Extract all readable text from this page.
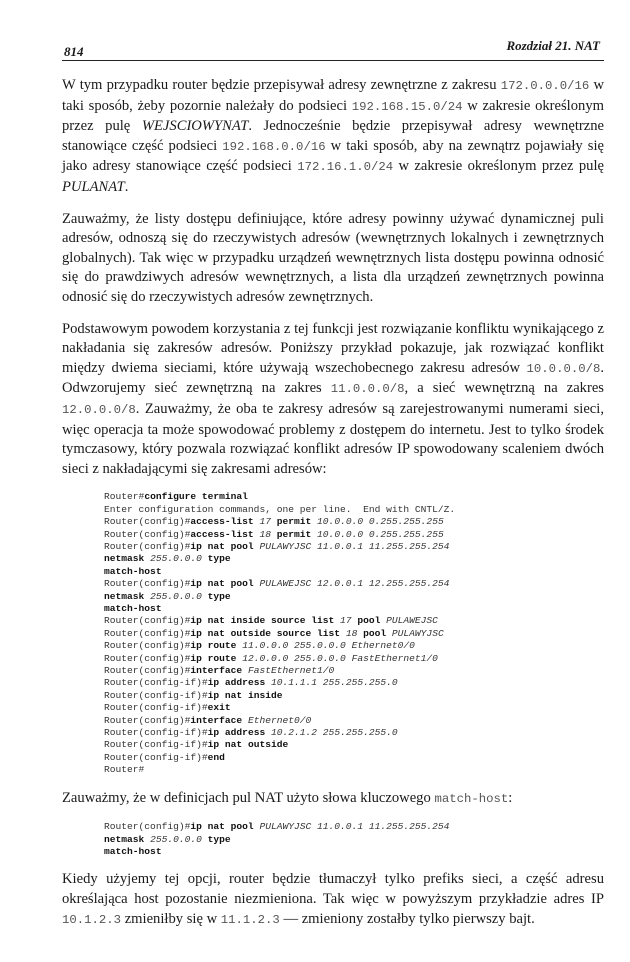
814	Rozdział 21. NAT
W tym przypadku router będzie przepisywał adresy zewnętrzne z zakresu 172.0.0.0/16 w taki sposób, żeby pozornie należały do podsieci 192.168.15.0/24 w zakresie określonym przez pulę WEJSCIOWYNAT. Jednocześnie będzie przepisywał adresy wewnętrzne stanowiące część podsieci 192.168.0.0/16 w taki sposób, aby na zewnątrz pojawiały się jako adresy stanowiące część podsieci 172.16.1.0/24 w zakresie określonym przez pulę PULANAT.
Zauważmy, że listy dostępu definiujące, które adresy powinny używać dynamicznej puli adresów, odnoszą się do rzeczywistych adresów (wewnętrznych lokalnych i zewnętrznych globalnych). Tak więc w przypadku urządzeń wewnętrznych lista dostępu powinna odnosić się do prawdziwych adresów wewnętrznych, a lista dla urządzeń zewnętrznych powinna odnosić się do rzeczywistych adresów zewnętrznych.
Podstawowym powodem korzystania z tej funkcji jest rozwiązanie konfliktu wynikającego z nakładania się zakresów adresów. Poniższy przykład pokazuje, jak rozwiązać konflikt między dwiema sieciami, które używają wszechobecnego zakresu adresów 10.0.0.0/8. Odwzorujemy sieć zewnętrzną na zakres 11.0.0.0/8, a sieć wewnętrzną na zakres 12.0.0.0/8. Zauważmy, że oba te zakresy adresów są zarejestrowanymi numerami sieci, więc operacja ta może spowodować problemy z dostępem do internetu. Jest to tylko środek tymczasowy, który pozwala rozwiązać konflikt adresów IP spowodowany scaleniem dwóch sieci z nakładającymi się zakresami adresów:
Router#configure terminal
Enter configuration commands, one per line.  End with CNTL/Z.
Router(config)#access-list 17 permit 10.0.0.0 0.255.255.255
Router(config)#access-list 18 permit 10.0.0.0 0.255.255.255
Router(config)#ip nat pool PULAWYJSC 11.0.0.1 11.255.255.254
netmask 255.0.0.0 type
match-host
Router(config)#ip nat pool PULAWEJSC 12.0.0.1 12.255.255.254
netmask 255.0.0.0 type
match-host
Router(config)#ip nat inside source list 17 pool PULAWEJSC
Router(config)#ip nat outside source list 18 pool PULAWYJSC
Router(config)#ip route 11.0.0.0 255.0.0.0 Ethernet0/0
Router(config)#ip route 12.0.0.0 255.0.0.0 FastEthernet1/0
Router(config)#interface FastEthernet1/0
Router(config-if)#ip address 10.1.1.1 255.255.255.0
Router(config-if)#ip nat inside
Router(config-if)#exit
Router(config)#interface Ethernet0/0
Router(config-if)#ip address 10.2.1.2 255.255.255.0
Router(config-if)#ip nat outside
Router(config-if)#end
Router#
Zauważmy, że w definicjach pul NAT użyto słowa kluczowego match-host:
Router(config)#ip nat pool PULAWYJSC 11.0.0.1 11.255.255.254
netmask 255.0.0.0 type
match-host
Kiedy użyjemy tej opcji, router będzie tłumaczył tylko prefiks sieci, a część adresu określająca host pozostanie niezmieniona. Tak więc w powyższym przykładzie adres IP 10.1.2.3 zmieniłby się w 11.1.2.3 — zmieniony zostałby tylko pierwszy bajt.
